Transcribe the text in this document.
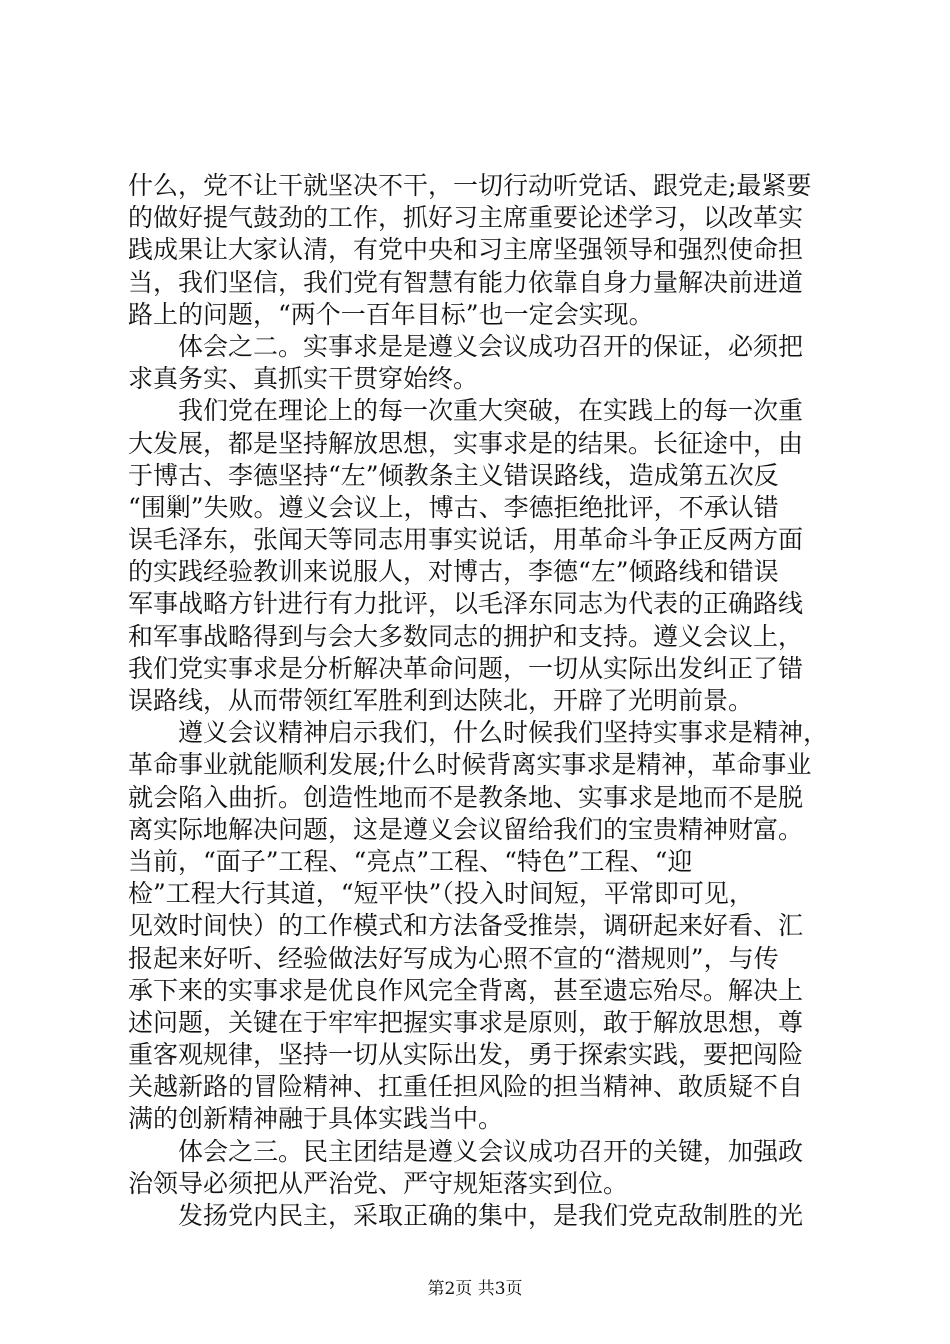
什么，党不让干就坚决不干，一切行动听党话、跟党走;最紧要
的做好提气鼓劲的工作，抓好习主席重要论述学习，以改革实
践成果让大家认清，有党中央和习主席坚强领导和强烈使命担
当，我们坚信，我们党有智慧有能力依靠自身力量解决前进道
路上的问题，“两个一百年目标”也一定会实现。
　　体会之二。实事求是是遵义会议成功召开的保证，必须把
求真务实、真抓实干贯穿始终。
　　我们党在理论上的每一次重大突破，在实践上的每一次重
大发展，都是坚持解放思想，实事求是的结果。长征途中，由
于博古、李德坚持“左”倾教条主义错误路线，造成第五次反
“围剿”失败。遵义会议上，博古、李德拒绝批评，不承认错
误毛泽东，张闻天等同志用事实说话，用革命斗争正反两方面
的实践经验教训来说服人，对博古，李德“左”倾路线和错误
军事战略方针进行有力批评，以毛泽东同志为代表的正确路线
和军事战略得到与会大多数同志的拥护和支持。遵义会议上，
我们党实事求是分析解决革命问题，一切从实际出发纠正了错
误路线，从而带领红军胜利到达陕北，开辟了光明前景。
　　遵义会议精神启示我们，什么时候我们坚持实事求是精神，
革命事业就能顺利发展;什么时候背离实事求是精神，革命事业
就会陷入曲折。创造性地而不是教条地、实事求是地而不是脱
离实际地解决问题，这是遵义会议留给我们的宝贵精神财富。
当前，“面子”工程、“亮点”工程、“特色”工程、“迎
检”工程大行其道，“短平快”（投入时间短，平常即可见，
见效时间快）的工作模式和方法备受推崇，调研起来好看、汇
报起来好听、经验做法好写成为心照不宣的“潜规则”，与传
承下来的实事求是优良作风完全背离，甚至遗忘殆尽。解决上
述问题，关键在于牢牢把握实事求是原则，敢于解放思想，尊
重客观规律，坚持一切从实际出发，勇于探索实践，要把闯险
关越新路的冒险精神、扛重任担风险的担当精神、敢质疑不自
满的创新精神融于具体实践当中。
　　体会之三。民主团结是遵义会议成功召开的关键，加强政
治领导必须把从严治党、严守规矩落实到位。
　　发扬党内民主，采取正确的集中，是我们党克敌制胜的光
第2页 共3页
